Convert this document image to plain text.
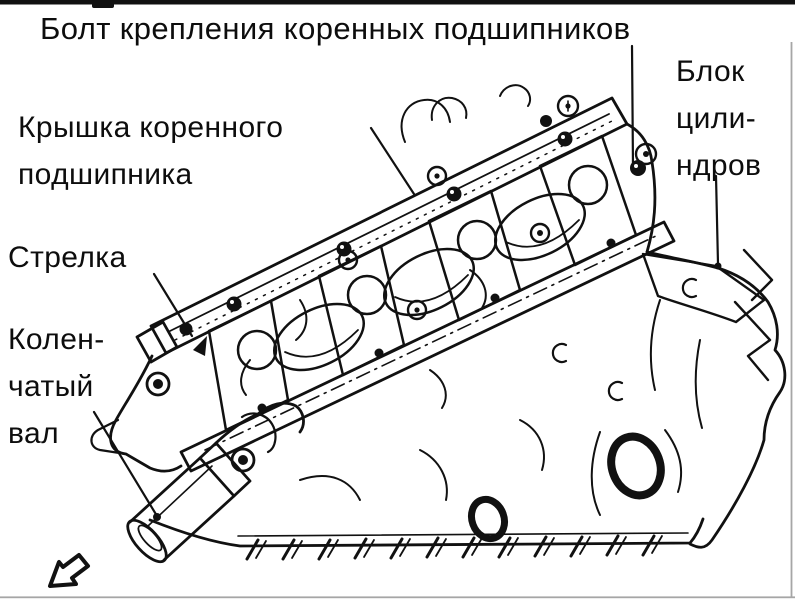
Болт крепления коренных подшипников
Блок
цили-
ндров
Крышка коренного
подшипника
Стрелка
Колен-
чатый
вал
